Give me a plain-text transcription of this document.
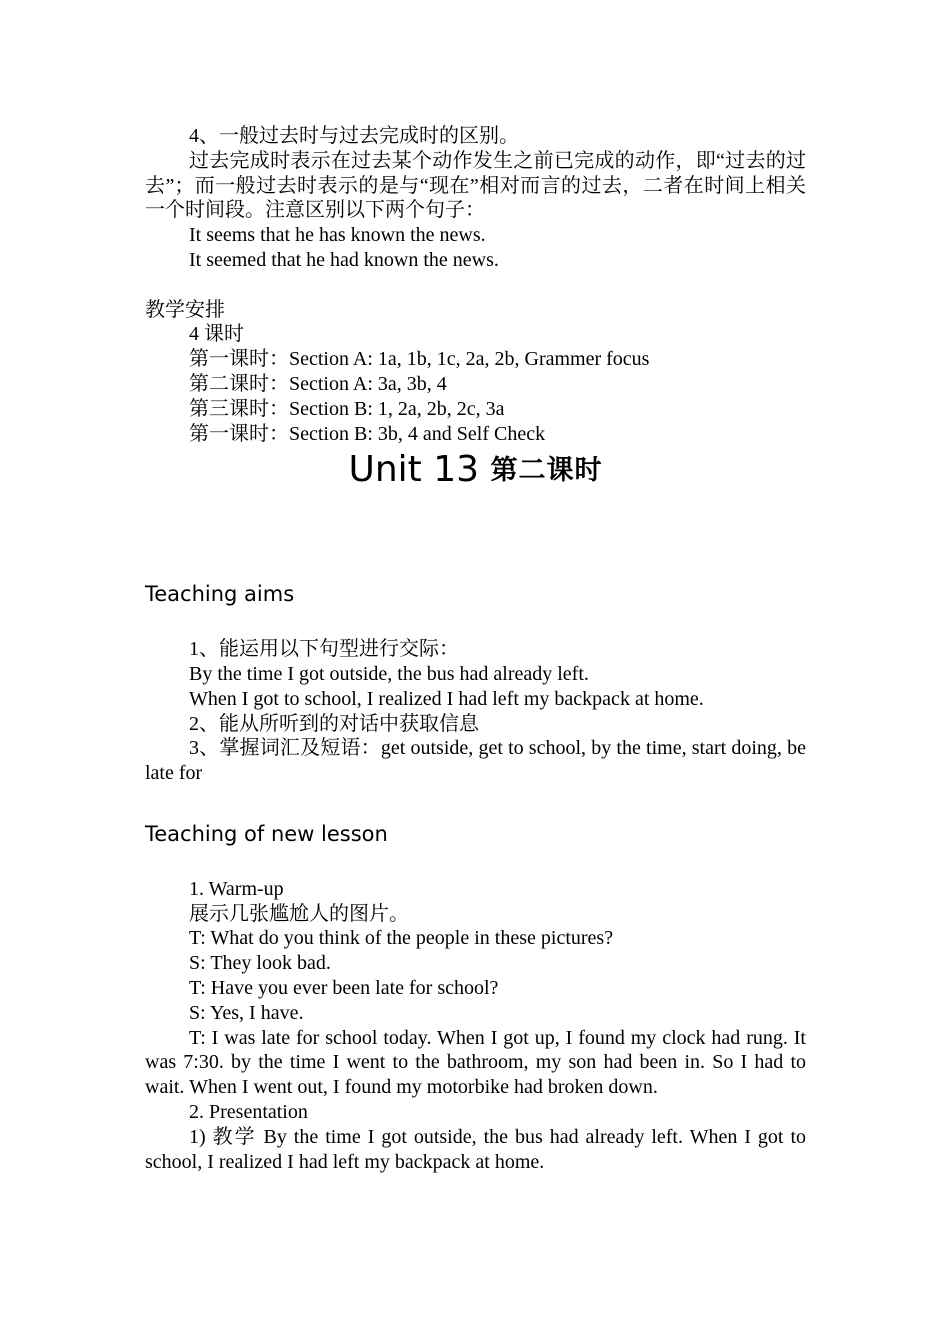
4、一般过去时与过去完成时的区别。

过去完成时表示在过去某个动作发生之前已完成的动作，即“过去的过去”；而一般过去时表示的是与“现在”相对而言的过去，二者在时间上相关一个时间段。注意区别以下两个句子：

It seems that he has known the news.

It seemed that he had known the news.

教学安排

4 课时

第一课时：Section A: 1a, 1b, 1c, 2a, 2b, Grammer focus

第二课时：Section A: 3a, 3b, 4

第三课时：Section B: 1, 2a, 2b, 2c, 3a

第一课时：Section B: 3b, 4 and Self Check

Unit 13 第二课时

Teaching aims

1、能运用以下句型进行交际：

By the time I got outside, the bus had already left.

When I got to school, I realized I had left my backpack at home.

2、能从所听到的对话中获取信息

3、掌握词汇及短语：get outside, get to school, by the time, start doing, be late for

Teaching of new lesson

1. Warm-up

展示几张尴尬人的图片。

T: What do you think of the people in these pictures?

S: They look bad.

T: Have you ever been late for school?

S: Yes, I have.

T: I was late for school today. When I got up, I found my clock had rung. It was 7:30. by the time I went to the bathroom, my son had been in. So I had to wait. When I went out, I found my motorbike had broken down.

2. Presentation

1) 教学 By the time I got outside, the bus had already left. When I got to school, I realized I had left my backpack at home.
